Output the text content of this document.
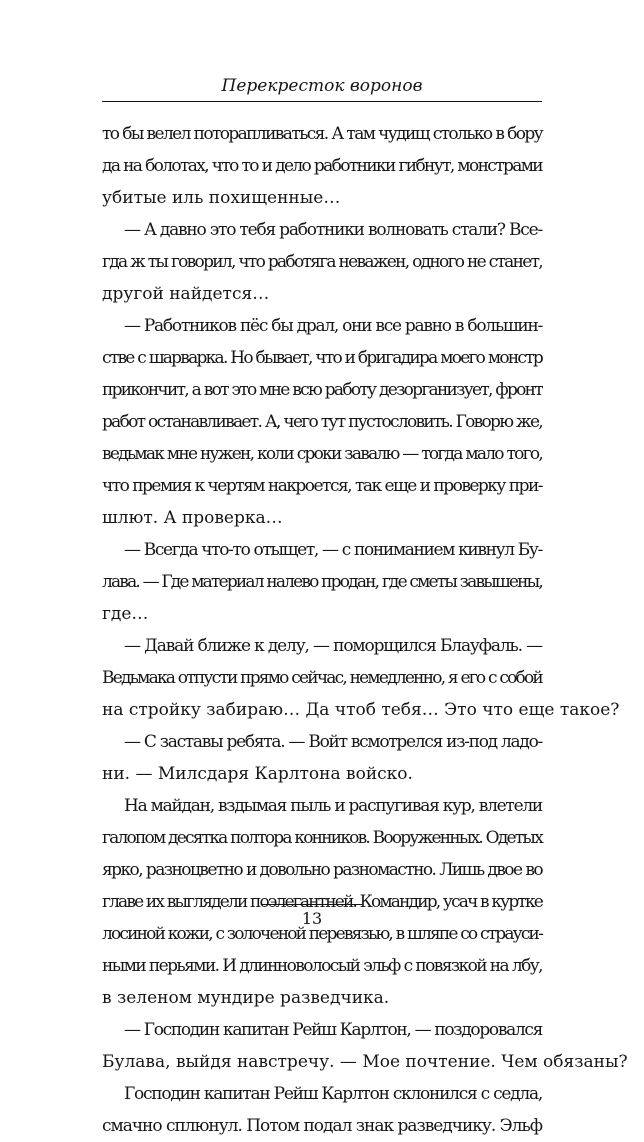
Перекресток воронов
то бы велел поторапливаться. А там чудищ столько в бору
да на болотах, что то и дело работники гибнут, монстрами
убитые иль похищенные…
— А давно это тебя работники волновать стали? Все-
гда ж ты говорил, что работяга неважен, одного не станет,
другой найдется…
— Работников пёс бы драл, они все равно в большин-
стве с шарварка. Но бывает, что и бригадира моего монстр
прикончит, а вот это мне всю работу дезорганизует, фронт
работ останавливает. А, чего тут пустословить. Говорю же,
ведьмак мне нужен, коли сроки завалю — тогда мало того,
что премия к чертям накроется, так еще и проверку при-
шлют. А проверка…
— Всегда что-то отыщет, — с пониманием кивнул Бу-
лава. — Где материал налево продан, где сметы завышены,
где…
— Давай ближе к делу, — поморщился Блауфаль. —
Ведьмака отпусти прямо сейчас, немедленно, я его с собой
на стройку забираю… Да чтоб тебя… Это что еще такое?
— С заставы ребята. — Войт всмотрелся из-под ладо-
ни. — Милсдаря Карлтона войско.
На майдан, вздымая пыль и распугивая кур, влетели
галопом десятка полтора конников. Вооруженных. Одетых
ярко, разноцветно и довольно разномастно. Лишь двое во
главе их выглядели поэлегантней. Командир, усач в куртке
лосиной кожи, с золоченой перевязью, в шляпе со страуси-
ными перьями. И длинноволосый эльф с повязкой на лбу,
в зеленом мундире разведчика.
— Господин капитан Рейш Карлтон, — поздоровался
Булава, выйдя навстречу. — Мое почтение. Чем обязаны?
Господин капитан Рейш Карлтон склонился с седла,
смачно сплюнул. Потом подал знак разведчику. Эльф
13
